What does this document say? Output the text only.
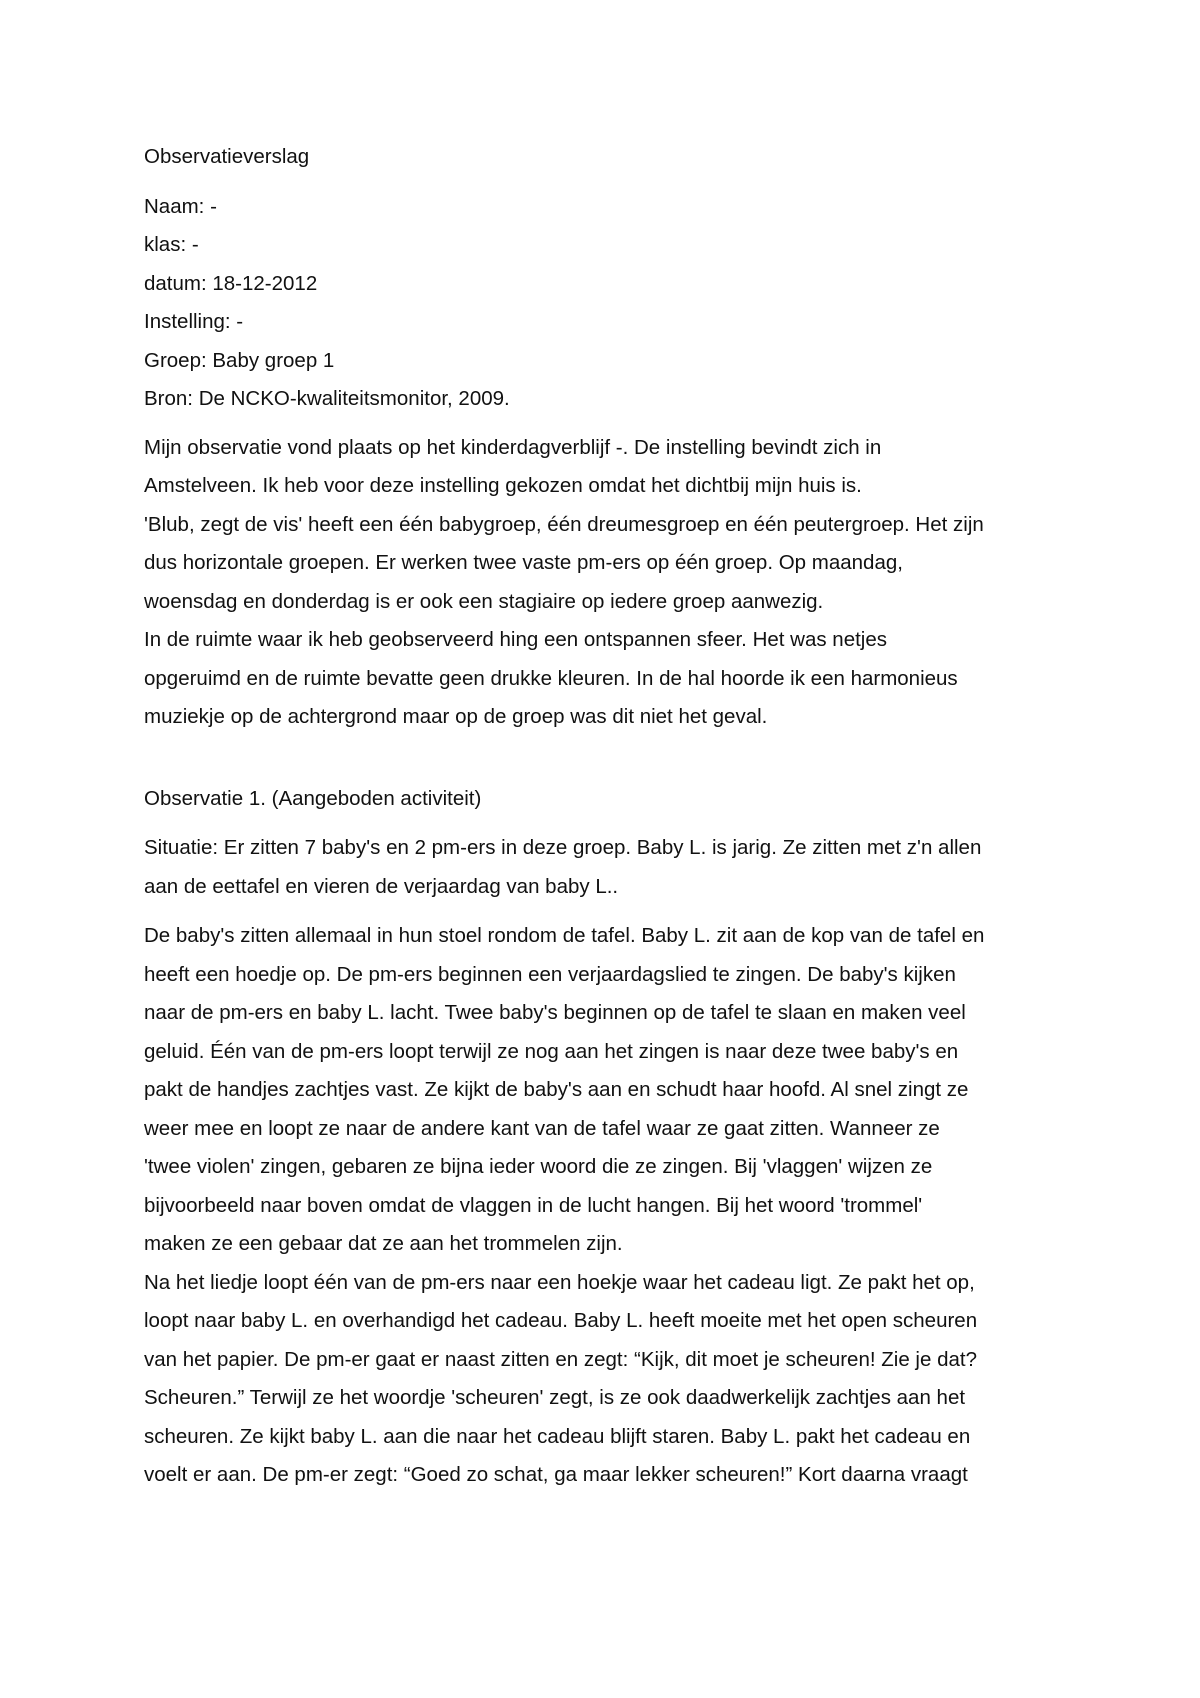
Observatieverslag
Naam: -
klas: -
datum: 18-12-2012
Instelling: -
Groep: Baby groep 1
Bron: De NCKO-kwaliteitsmonitor, 2009.
Mijn observatie vond plaats op het kinderdagverblijf -. De instelling bevindt zich in
Amstelveen. Ik heb voor deze instelling gekozen omdat het dichtbij mijn huis is.
'Blub, zegt de vis' heeft een één babygroep, één dreumesgroep en één peutergroep. Het zijn
dus horizontale groepen. Er werken twee vaste pm-ers op één groep. Op maandag,
woensdag en donderdag is er ook een stagiaire op iedere groep aanwezig.
In de ruimte waar ik heb geobserveerd hing een ontspannen sfeer. Het was netjes
opgeruimd en de ruimte bevatte geen drukke kleuren. In de hal hoorde ik een harmonieus
muziekje op de achtergrond maar op de groep was dit niet het geval.
Observatie 1. (Aangeboden activiteit)
Situatie: Er zitten 7 baby's en 2 pm-ers in deze groep. Baby L. is jarig. Ze zitten met z'n allen
aan de eettafel en vieren de verjaardag van baby L..
De baby's zitten allemaal in hun stoel rondom de tafel. Baby L. zit aan de kop van de tafel en
heeft een hoedje op. De pm-ers beginnen een verjaardagslied te zingen. De baby's kijken
naar de pm-ers en baby L. lacht. Twee baby's beginnen op de tafel te slaan en maken veel
geluid. Één van de pm-ers loopt terwijl ze nog aan het zingen is naar deze twee baby's en
pakt de handjes zachtjes vast. Ze kijkt de baby's aan en schudt haar hoofd. Al snel zingt ze
weer mee en loopt ze naar de andere kant van de tafel waar ze gaat zitten. Wanneer ze
'twee violen' zingen, gebaren ze bijna ieder woord die ze zingen. Bij 'vlaggen' wijzen ze
bijvoorbeeld naar boven omdat de vlaggen in de lucht hangen. Bij het woord 'trommel'
maken ze een gebaar dat ze aan het trommelen zijn.
Na het liedje loopt één van de pm-ers naar een hoekje waar het cadeau ligt. Ze pakt het op,
loopt naar baby L. en overhandigd het cadeau. Baby L. heeft moeite met het open scheuren
van het papier. De pm-er gaat er naast zitten en zegt: “Kijk, dit moet je scheuren! Zie je dat?
Scheuren.” Terwijl ze het woordje 'scheuren' zegt, is ze ook daadwerkelijk zachtjes aan het
scheuren. Ze kijkt baby L. aan die naar het cadeau blijft staren. Baby L. pakt het cadeau en
voelt er aan. De pm-er zegt: “Goed zo schat, ga maar lekker scheuren!” Kort daarna vraagt
